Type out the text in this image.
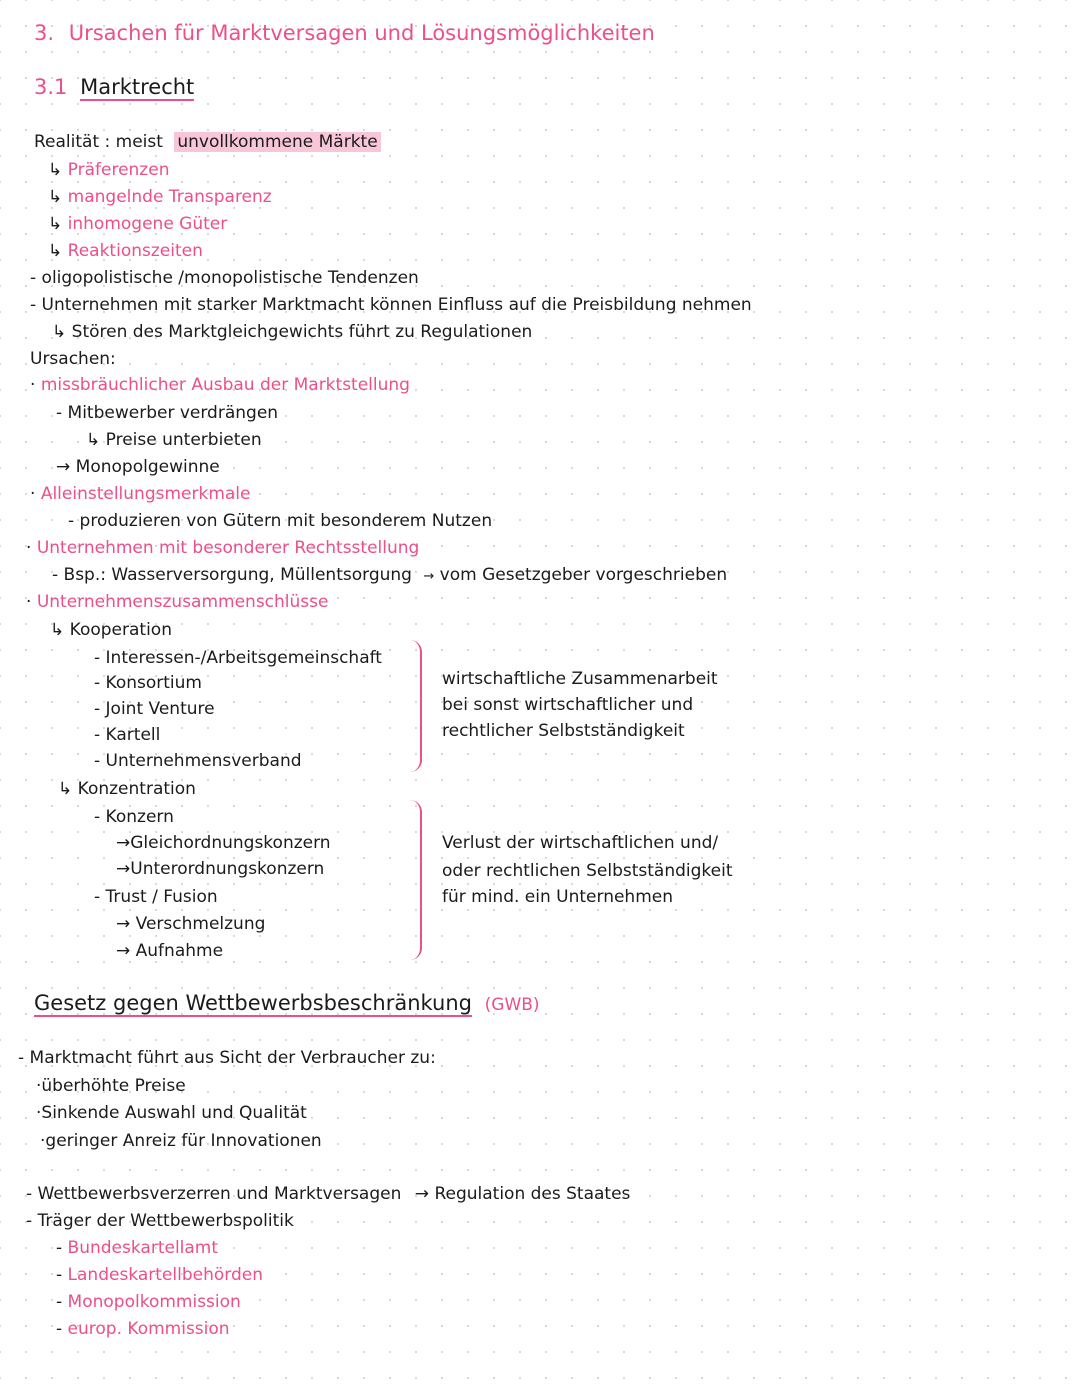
3. Ursachen für Marktversagen und Lösungsmöglichkeiten
3.1 Marktrecht
Realität : meist unvollkommene Märkte
↳ Präferenzen
↳ mangelnde Transparenz
↳ inhomogene Güter
↳ Reaktionszeiten
- oligopolistische /monopolistische Tendenzen
- Unternehmen mit starker Marktmacht können Einfluss auf die Preisbildung nehmen
↳ Stören des Marktgleichgewichts führt zu Regulationen
Ursachen:
· missbräuchlicher Ausbau der Marktstellung
- Mitbewerber verdrängen
↳ Preise unterbieten
→ Monopolgewinne
· Alleinstellungsmerkmale
- produzieren von Gütern mit besonderem Nutzen
· Unternehmen mit besonderer Rechtsstellung
- Bsp.: Wasserversorgung, Müllentsorgung → vom Gesetzgeber vorgeschrieben
· Unternehmenszusammenschlüsse
↳ Kooperation
- Interessen-/Arbeitsgemeinschaft
- Konsortium
- Joint Venture
- Kartell
- Unternehmensverband
wirtschaftliche Zusammenarbeit
bei sonst wirtschaftlicher und
rechtlicher Selbstständigkeit
↳ Konzentration
- Konzern
→Gleichordnungskonzern
→Unterordnungskonzern
- Trust / Fusion
→ Verschmelzung
→ Aufnahme
Verlust der wirtschaftlichen und/
oder rechtlichen Selbstständigkeit
für mind. ein Unternehmen
Gesetz gegen Wettbewerbsbeschränkung (GWB)
- Marktmacht führt aus Sicht der Verbraucher zu:
·überhöhte Preise
·Sinkende Auswahl und Qualität
·geringer Anreiz für Innovationen
- Wettbewerbsverzerren und Marktversagen → Regulation des Staates
- Träger der Wettbewerbspolitik
- Bundeskartellamt
- Landeskartellbehörden
- Monopolkommission
- europ. Kommission
